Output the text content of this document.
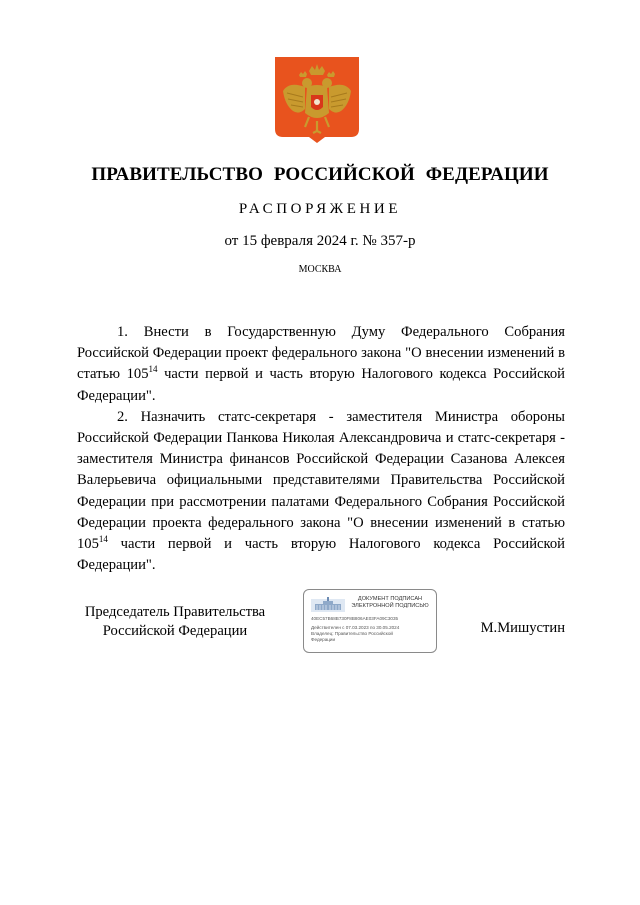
ПРАВИТЕЛЬСТВО РОССИЙСКОЙ ФЕДЕРАЦИИ
РАСПОРЯЖЕНИЕ
от 15 февраля 2024 г. № 357-р
МОСКВА

1. Внести в Государственную Думу Федерального Собрания Российской Федерации проект федерального закона "О внесении изменений в статью $105^{14}$ части первой и часть вторую Налогового кодекса Российской Федерации".

2. Назначить статс-секретаря - заместителя Министра обороны Российской Федерации Панкова Николая Александровича и статс-секретаря - заместителя Министра финансов Российской Федерации Сазанова Алексея Валерьевича официальными представителями Правительства Российской Федерации при рассмотрении палатами Федерального Собрания Российской Федерации проекта федерального закона "О внесении изменений в статью $105^{14}$ части первой и часть вторую Налогового кодекса Российской Федерации".

Председатель Правительства
Российской Федерации
ДОКУМЕНТ ПОДПИСАН
ЭЛЕКТРОННОЙ ПОДПИСЬЮ
40EC57B68B730F8B806AE03FA09C3035
Действителен с 07.03.2023 по 30.05.2024
Владелец: Правительство Российской
Федерации
М.Мишустин
